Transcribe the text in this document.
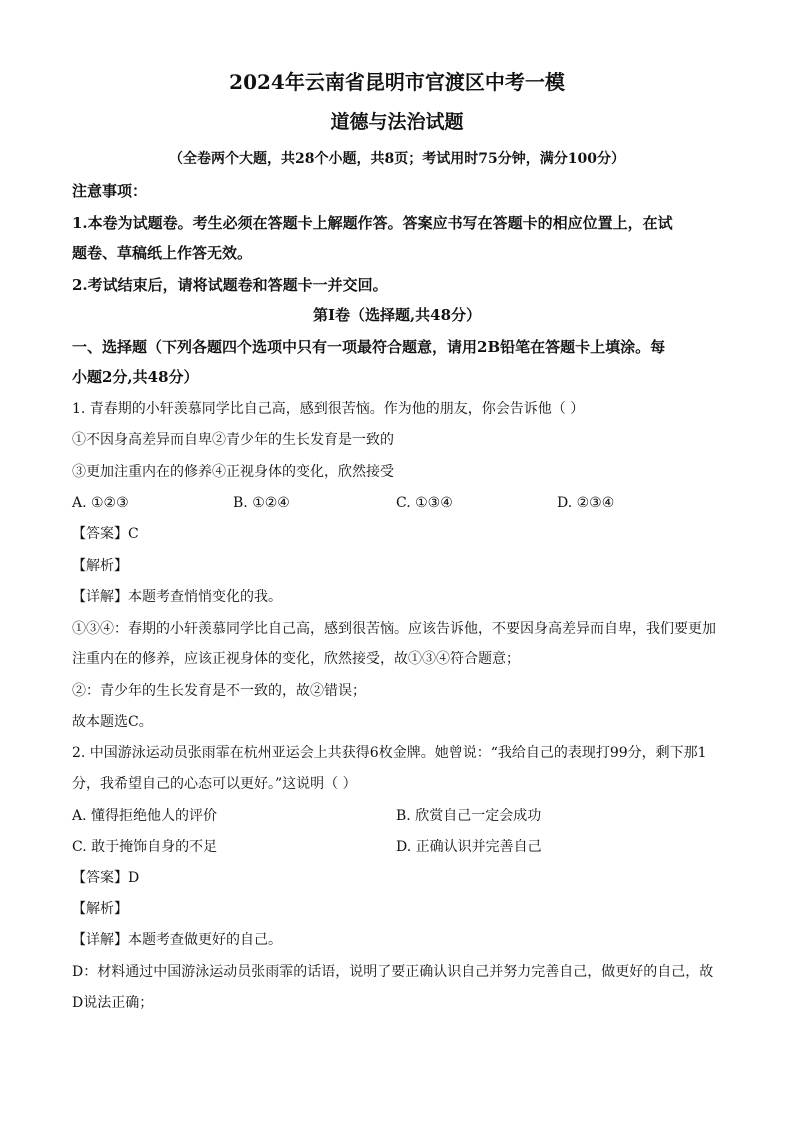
2024年云南省昆明市官渡区中考一模
道德与法治试题
（全卷两个大题，共28个小题，共8页；考试用时75分钟，满分100分）
注意事项：
1.本卷为试题卷。考生必须在答题卡上解题作答。答案应书写在答题卡的相应位置上，在试
题卷、草稿纸上作答无效。
2.考试结束后，请将试题卷和答题卡一并交回。
第Ⅰ卷（选择题,共48分）
一、选择题（下列各题四个选项中只有一项最符合题意，请用2B铅笔在答题卡上填涂。每
小题2分,共48分）
1. 青春期的小轩羡慕同学比自己高，感到很苦恼。作为他的朋友，你会告诉他（ ）
①不因身高差异而自卑②青少年的生长发育是一致的
③更加注重内在的修养④正视身体的变化，欣然接受
A. ①②③	B. ①②④	C. ①③④	D. ②③④
【答案】C
【解析】
【详解】本题考查悄悄变化的我。
①③④：春期的小轩羡慕同学比自己高，感到很苦恼。应该告诉他，不要因身高差异而自卑，我们要更加
注重内在的修养，应该正视身体的变化，欣然接受，故①③④符合题意；
②：青少年的生长发育是不一致的，故②错误；
故本题选C。
2. 中国游泳运动员张雨霏在杭州亚运会上共获得6枚金牌。她曾说：“我给自己的表现打99分，剩下那1
分，我希望自己的心态可以更好。”这说明（ ）
A. 懂得拒绝他人的评价	B. 欣赏自己一定会成功
C. 敢于掩饰自身的不足	D. 正确认识并完善自己
【答案】D
【解析】
【详解】本题考查做更好的自己。
D：材料通过中国游泳运动员张雨霏的话语，说明了要正确认识自己并努力完善自己，做更好的自己，故
D说法正确；
